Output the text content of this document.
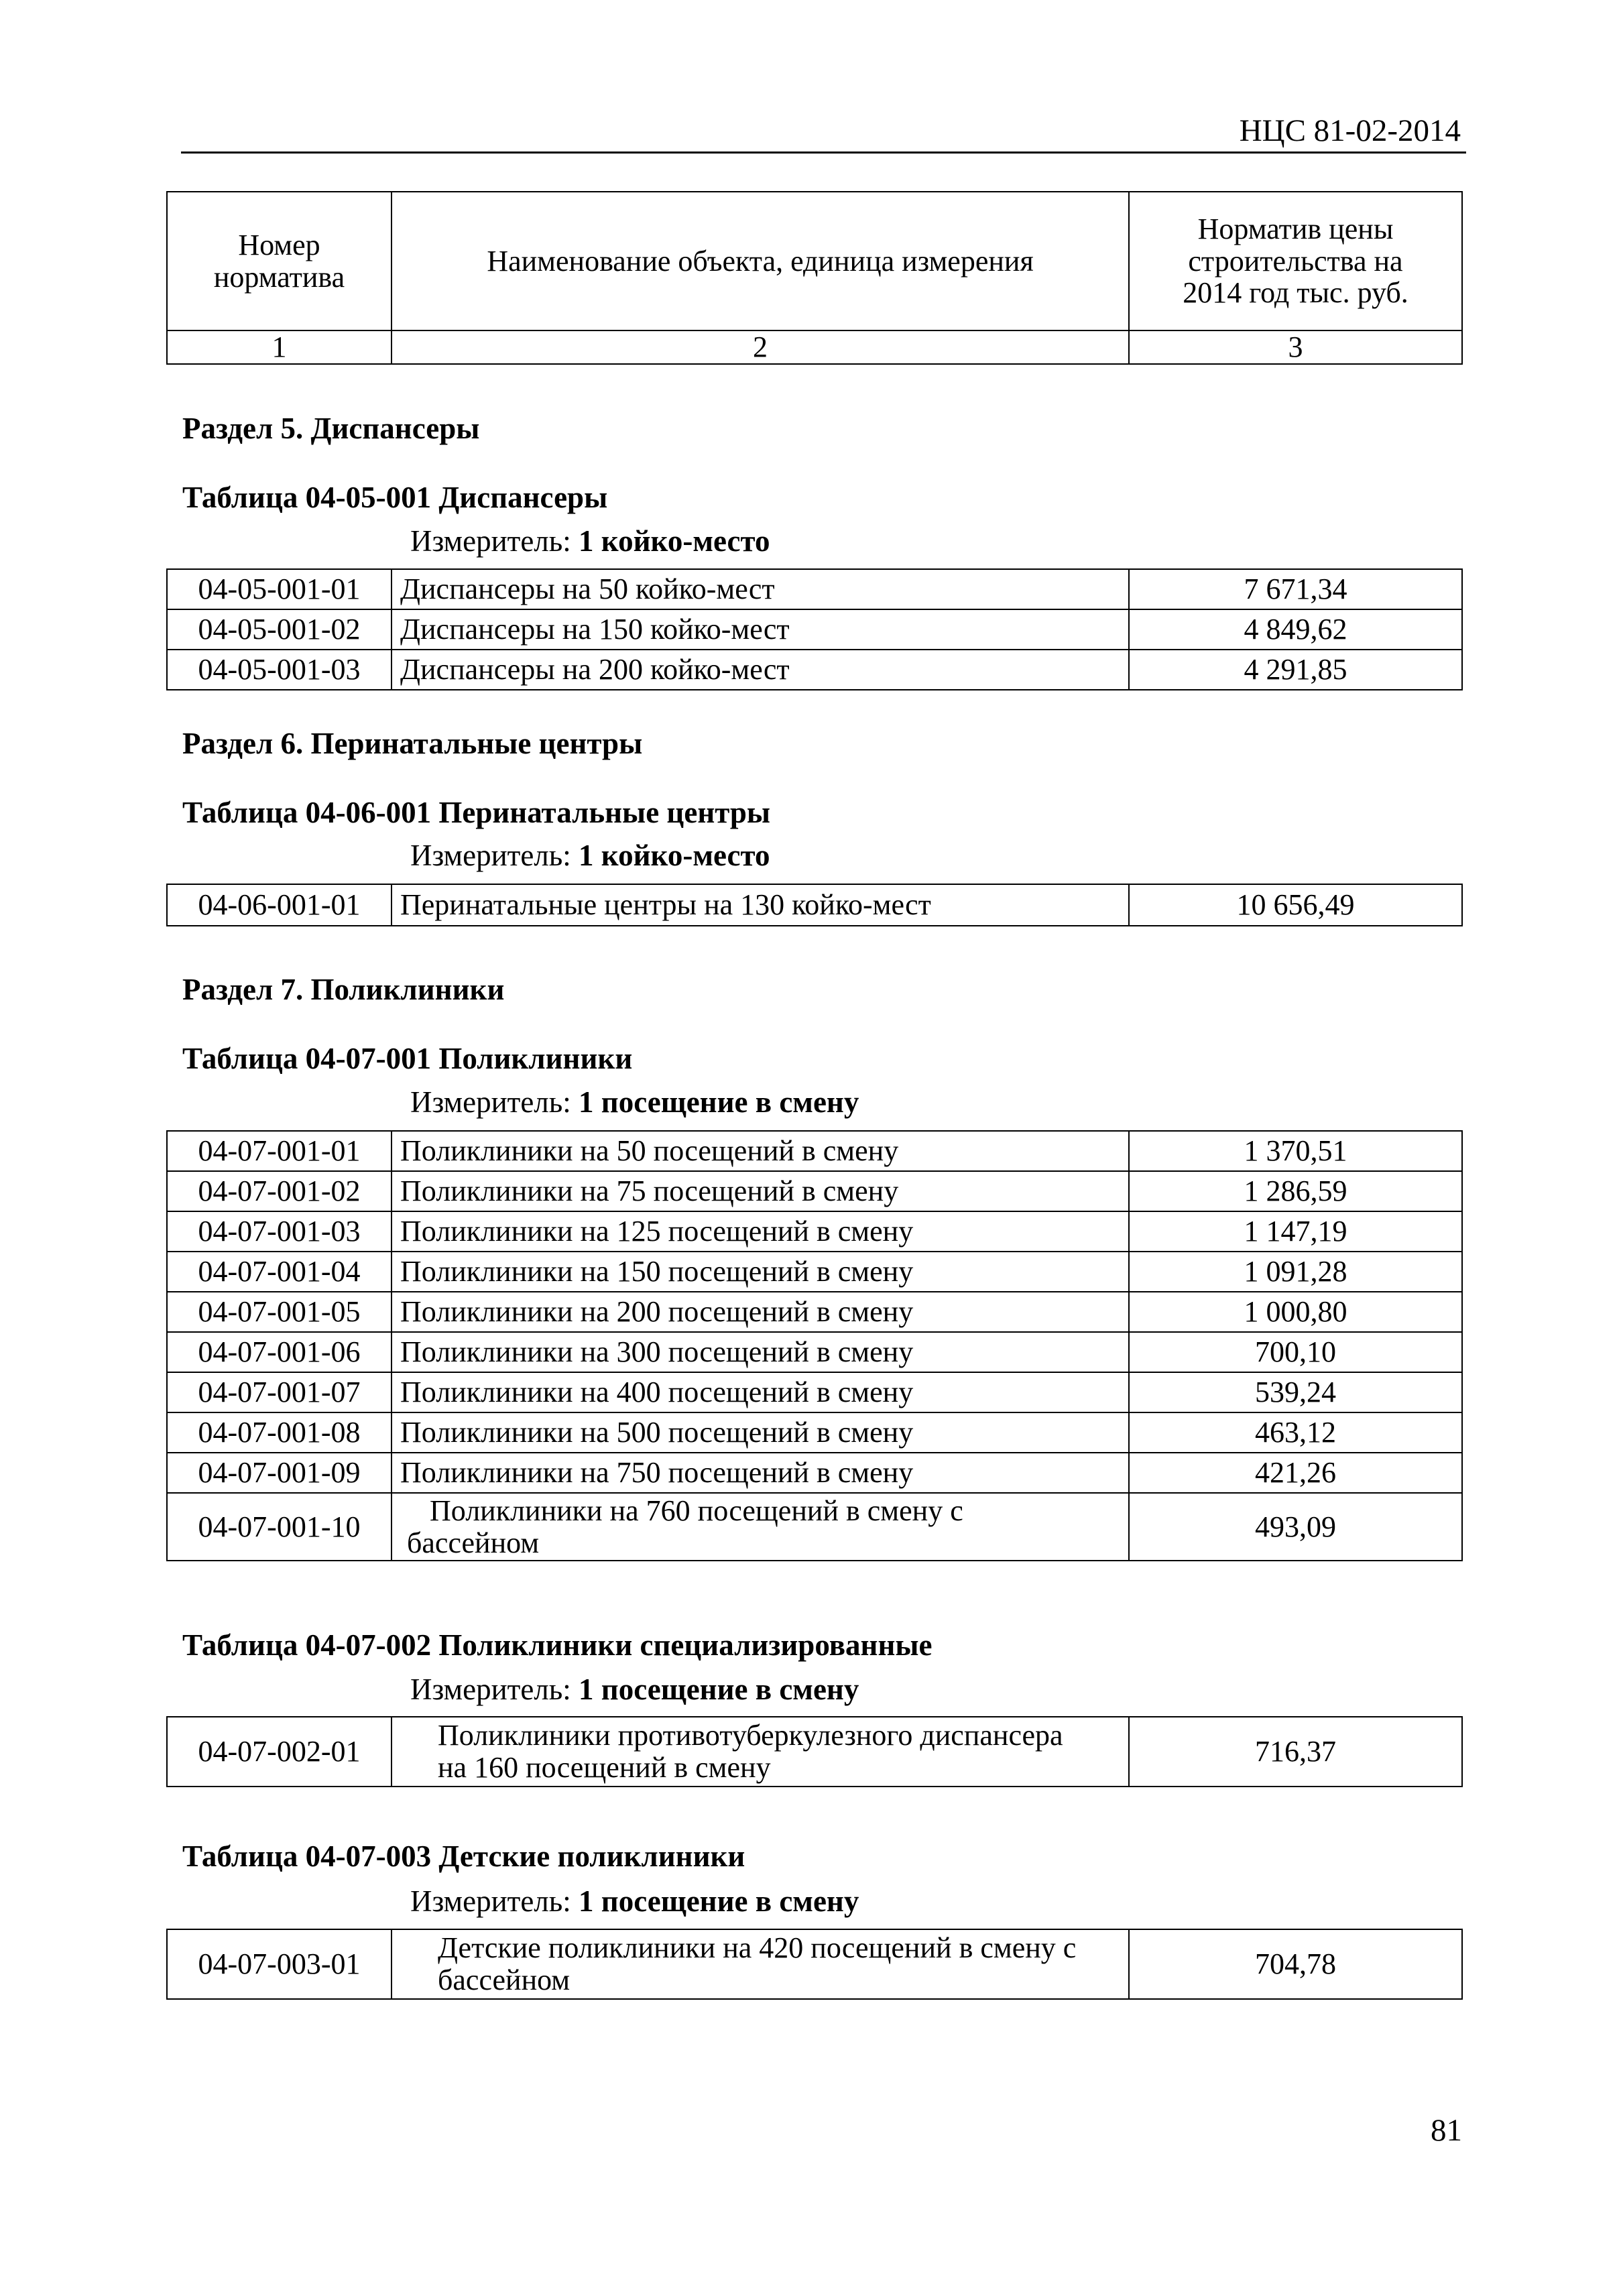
НЦС 81-02-2014
Номер норматива	Наименование объекта, единица измерения	Норматив цены строительства на 2014 год тыс. руб.
1	2	3
Раздел 5. Диспансеры
Таблица 04-05-001 Диспансеры
Измеритель: 1 койко-место
04-05-001-01	Диспансеры на 50 койко-мест	7 671,34
04-05-001-02	Диспансеры на 150 койко-мест	4 849,62
04-05-001-03	Диспансеры на 200 койко-мест	4 291,85
Раздел 6. Перинатальные центры
Таблица 04-06-001 Перинатальные центры
Измеритель: 1 койко-место
04-06-001-01	Перинатальные центры на 130 койко-мест	10 656,49
Раздел 7. Поликлиники
Таблица 04-07-001 Поликлиники
Измеритель: 1 посещение в смену
04-07-001-01	Поликлиники на 50 посещений в смену	1 370,51
04-07-001-02	Поликлиники на 75 посещений в смену	1 286,59
04-07-001-03	Поликлиники на 125 посещений в смену	1 147,19
04-07-001-04	Поликлиники на 150 посещений в смену	1 091,28
04-07-001-05	Поликлиники на 200 посещений в смену	1 000,80
04-07-001-06	Поликлиники на 300 посещений в смену	700,10
04-07-001-07	Поликлиники на 400 посещений в смену	539,24
04-07-001-08	Поликлиники на 500 посещений в смену	463,12
04-07-001-09	Поликлиники на 750 посещений в смену	421,26
04-07-001-10	Поликлиники на 760 посещений в смену с
бассейном	493,09
Таблица 04-07-002 Поликлиники специализированные
Измеритель: 1 посещение в смену
04-07-002-01	Поликлиники противотуберкулезного диспансера
на 160 посещений в смену	716,37
Таблица 04-07-003 Детские поликлиники
Измеритель: 1 посещение в смену
04-07-003-01	Детские поликлиники на 420 посещений в смену с
бассейном	704,78
81
